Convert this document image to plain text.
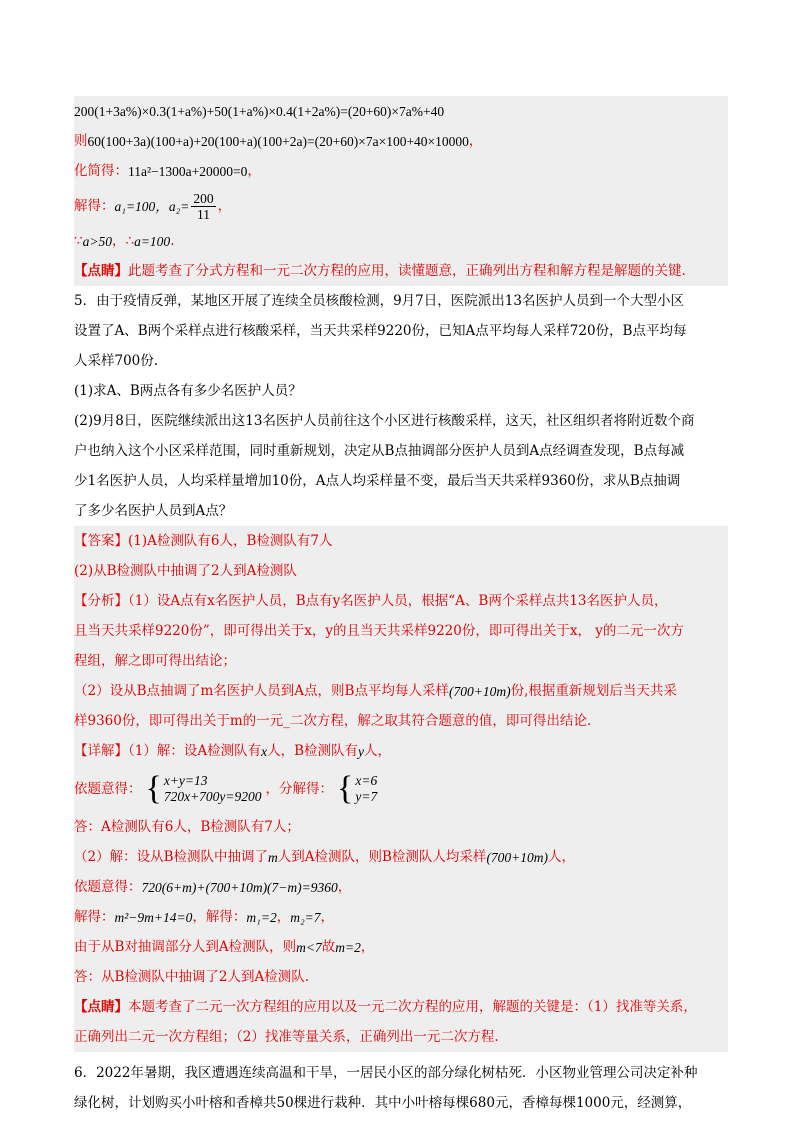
200(1+3a%)×0.3(1+a%)+50(1+a%)×0.4(1+2a%)=(20+60)×7a%+40
则 60(100+3a)(100+a)+20(100+a)(100+2a)=(20+60)×7a×100+40×10000 ，
化简得： 11a²−1300a+20000=0 ，
解得： a₁=100， $a_2= \frac{200}{11}$ ，
∵ a>50 ， ∴ a=100 .
【点睛】 此题考查了分式方程和一元二次方程的应用，读懂题意，正确列出方程和解方程是解题的关键.
5．由于疫情反弹，某地区开展了连续全员核酸检测，9月7日，医院派出13名医护人员到一个大型小区
设置了A、B两个采样点进行核酸采样，当天共采样9220份，已知A点平均每人采样720份，B点平均每
人采样700份.
(1)求A、B两点各有多少名医护人员？
(2)9月8日，医院继续派出这13名医护人员前往这个小区进行核酸采样，这天，社区组织者将附近数个商
户也纳入这个小区采样范围，同时重新规划，决定从B点抽调部分医护人员到A点经调查发现，B点每减
少1名医护人员，人均采样量增加10份，A点人均采样量不变，最后当天共采样9360份，求从B点抽调
了多少名医护人员到A点？
【答案】(1)A检测队有6人，B检测队有7人
(2)从B检测队中抽调了2人到A检测队
【分析】（1）设A点有x名医护人员，B点有y名医护人员，根据“A、B两个采样点共13名医护人员，
且当天共采样9220份”，即可得出关于x，y的且当天共采样9220份，即可得出关于x， y的二元一次方
程组，解之即可得出结论；
（2）设从B点抽调了m名医护人员到A点，则B点平均每人采样 (700+10m) 份,根据重新规划后当天共采
样9360份，即可得出关于m的一元_二次方程，解之取其符合题意的值，即可得出结论.
【详解】（1）解：设A检测队有 x 人，B检测队有 y 人，
依题意得： { x+y=13
720x+700y=9200 ，分解得： { x=6
y=7
答：A检测队有6人，B检测队有7人；
（2）解：设从B检测队中抽调了 m 人到A检测队，则B检测队人均采样 (700+10m) 人，
依题意得： 720(6+m)+(700+10m)(7−m)=9360 ，
解得： m²−9m+14=0 ，解得： m₁=2 ， m₂=7 ，
由于从B对抽调部分人到A检测队，则 m<7 故 m=2 ，
答：从B检测队中抽调了2人到A检测队.
【点睛】 本题考查了二元一次方程组的应用以及一元二次方程的应用，解题的关键是：（1）找准等关系，
正确列出二元一次方程组；（2）找准等量关系，正确列出一元二次方程.
6．2022年暑期，我区遭遇连续高温和干旱，一居民小区的部分绿化树枯死．小区物业管理公司决定补种
绿化树，计划购买小叶榕和香樟共50棵进行栽种．其中小叶榕每棵680元，香樟每棵1000元，经测算，
